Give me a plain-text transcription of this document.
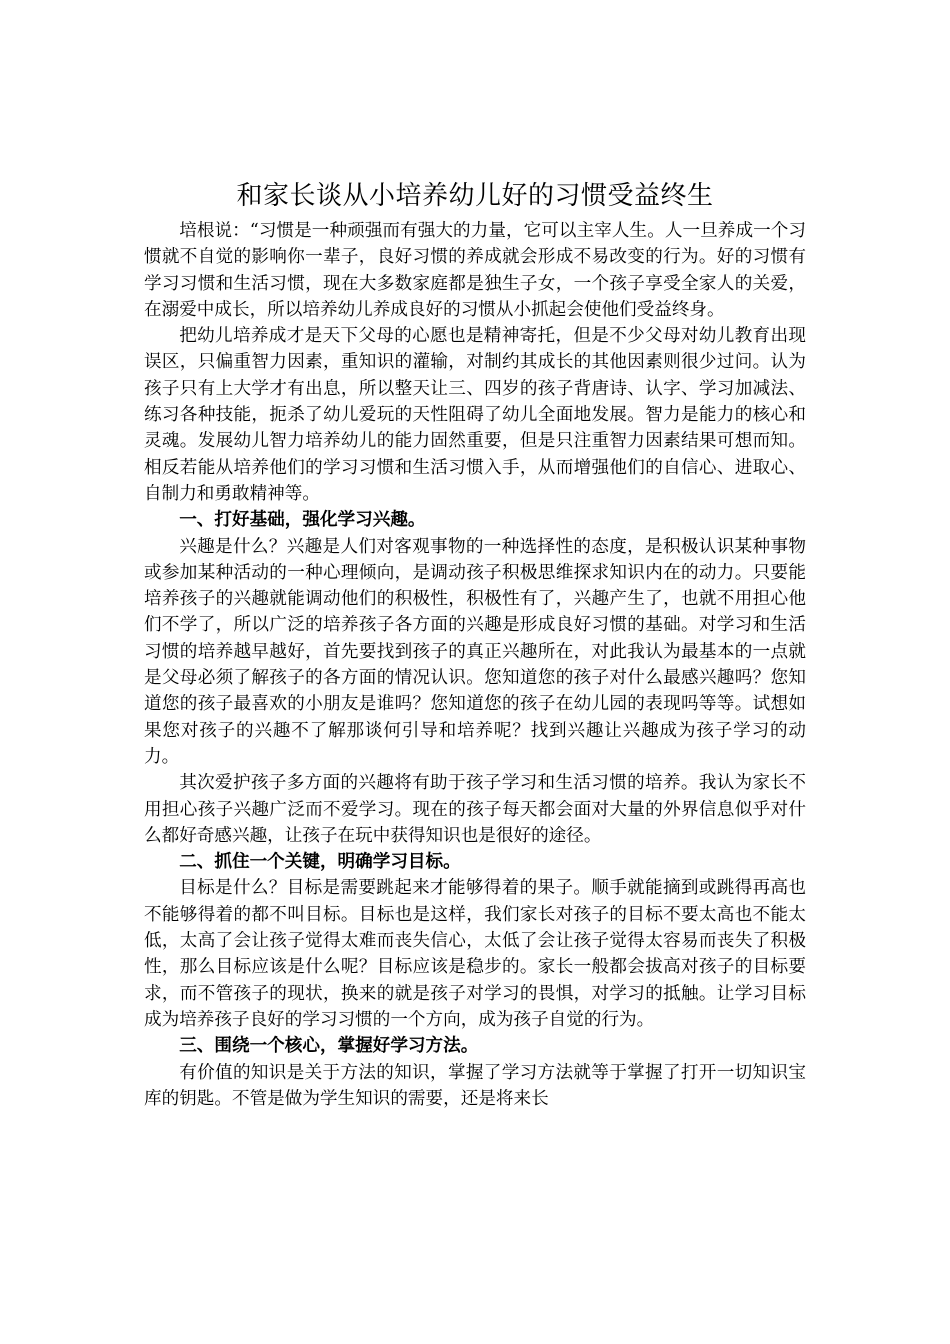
和家长谈从小培养幼儿好的习惯受益终生

培根说：“习惯是一种顽强而有强大的力量，它可以主宰人生。人一旦养成一个习惯就不自觉的影响你一辈子，良好习惯的养成就会形成不易改变的行为。好的习惯有学习习惯和生活习惯，现在大多数家庭都是独生子女，一个孩子享受全家人的关爱，在溺爱中成长，所以培养幼儿养成良好的习惯从小抓起会使他们受益终身。

把幼儿培养成才是天下父母的心愿也是精神寄托，但是不少父母对幼儿教育出现误区，只偏重智力因素，重知识的灌输，对制约其成长的其他因素则很少过问。认为孩子只有上大学才有出息，所以整天让三、四岁的孩子背唐诗、认字、学习加减法、练习各种技能，扼杀了幼儿爱玩的天性阻碍了幼儿全面地发展。智力是能力的核心和灵魂。发展幼儿智力培养幼儿的能力固然重要，但是只注重智力因素结果可想而知。相反若能从培养他们的学习习惯和生活习惯入手，从而增强他们的自信心、进取心、自制力和勇敢精神等。

一、打好基础，强化学习兴趣。

兴趣是什么？兴趣是人们对客观事物的一种选择性的态度，是积极认识某种事物或参加某种活动的一种心理倾向，是调动孩子积极思维探求知识内在的动力。只要能培养孩子的兴趣就能调动他们的积极性，积极性有了，兴趣产生了，也就不用担心他们不学了，所以广泛的培养孩子各方面的兴趣是形成良好习惯的基础。对学习和生活习惯的培养越早越好，首先要找到孩子的真正兴趣所在，对此我认为最基本的一点就是父母必须了解孩子的各方面的情况认识。您知道您的孩子对什么最感兴趣吗？您知道您的孩子最喜欢的小朋友是谁吗？您知道您的孩子在幼儿园的表现吗等等。试想如果您对孩子的兴趣不了解那谈何引导和培养呢？找到兴趣让兴趣成为孩子学习的动力。

其次爱护孩子多方面的兴趣将有助于孩子学习和生活习惯的培养。我认为家长不用担心孩子兴趣广泛而不爱学习。现在的孩子每天都会面对大量的外界信息似乎对什么都好奇感兴趣，让孩子在玩中获得知识也是很好的途径。

二、抓住一个关键，明确学习目标。

目标是什么？目标是需要跳起来才能够得着的果子。顺手就能摘到或跳得再高也不能够得着的都不叫目标。目标也是这样，我们家长对孩子的目标不要太高也不能太低，太高了会让孩子觉得太难而丧失信心，太低了会让孩子觉得太容易而丧失了积极性，那么目标应该是什么呢？目标应该是稳步的。家长一般都会拔高对孩子的目标要求，而不管孩子的现状，换来的就是孩子对学习的畏惧，对学习的抵触。让学习目标成为培养孩子良好的学习习惯的一个方向，成为孩子自觉的行为。

三、围绕一个核心，掌握好学习方法。

有价值的知识是关于方法的知识，掌握了学习方法就等于掌握了打开一切知识宝库的钥匙。不管是做为学生知识的需要，还是将来长
